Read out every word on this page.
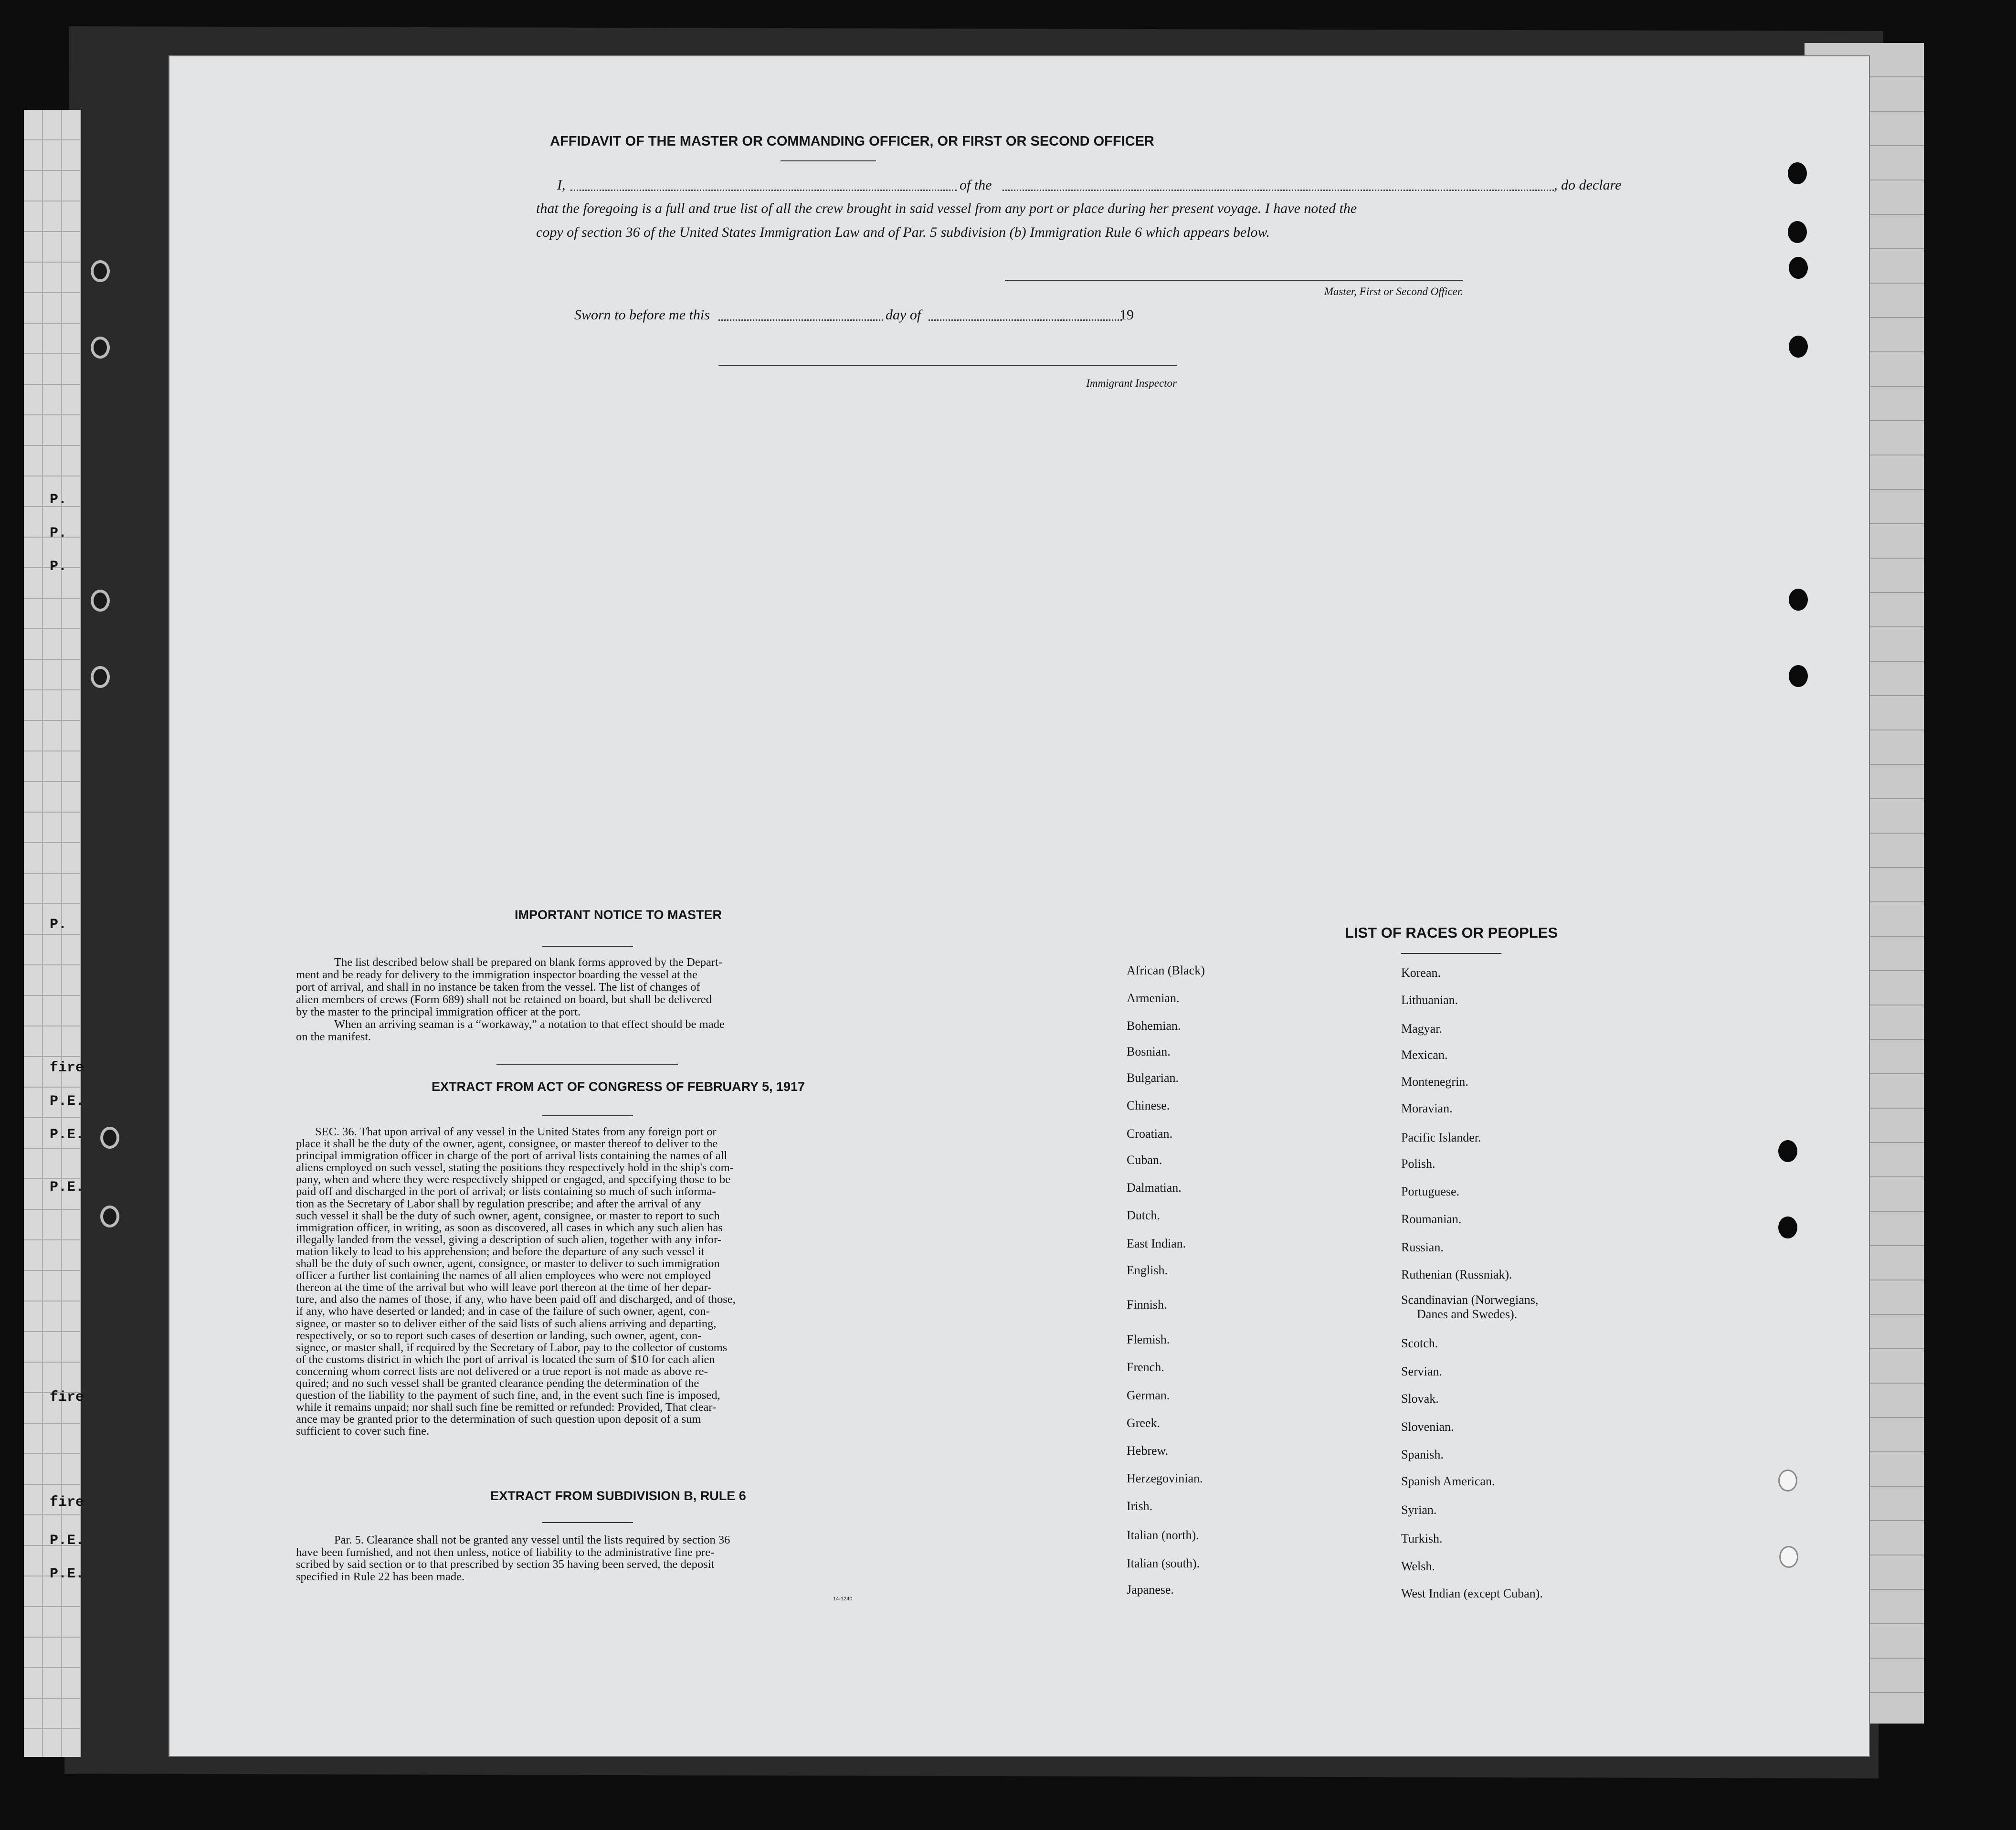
P.
P.
P.
P.
fire
P.E.
P.E.
P.E.
fire
fire
P.E.
P.E.
AFFIDAVIT OF THE MASTER OR COMMANDING OFFICER, OR FIRST OR SECOND OFFICER
I,	of the	, do declare
that the foregoing is a full and true list of all the crew brought in said vessel from any port or place during her present voyage. I have noted the
copy of section 36 of the United States Immigration Law and of Par. 5 subdivision (b) Immigration Rule 6 which appears below.
Master, First or Second Officer.
Sworn to before me this	day of	19
Immigrant Inspector
IMPORTANT NOTICE TO MASTER
The list described below shall be prepared on blank forms approved by the Depart-
ment and be ready for delivery to the immigration inspector boarding the vessel at the
port of arrival, and shall in no instance be taken from the vessel. The list of changes of
alien members of crews (Form 689) shall not be retained on board, but shall be delivered
by the master to the principal immigration officer at the port.
When an arriving seaman is a “workaway,” a notation to that effect should be made
on the manifest.
EXTRACT FROM ACT OF CONGRESS OF FEBRUARY 5, 1917
SEC. 36. That upon arrival of any vessel in the United States from any foreign port or
place it shall be the duty of the owner, agent, consignee, or master thereof to deliver to the
principal immigration officer in charge of the port of arrival lists containing the names of all
aliens employed on such vessel, stating the positions they respectively hold in the ship's com-
pany, when and where they were respectively shipped or engaged, and specifying those to be
paid off and discharged in the port of arrival; or lists containing so much of such informa-
tion as the Secretary of Labor shall by regulation prescribe; and after the arrival of any
such vessel it shall be the duty of such owner, agent, consignee, or master to report to such
immigration officer, in writing, as soon as discovered, all cases in which any such alien has
illegally landed from the vessel, giving a description of such alien, together with any infor-
mation likely to lead to his apprehension; and before the departure of any such vessel it
shall be the duty of such owner, agent, consignee, or master to deliver to such immigration
officer a further list containing the names of all alien employees who were not employed
thereon at the time of the arrival but who will leave port thereon at the time of her depar-
ture, and also the names of those, if any, who have been paid off and discharged, and of those,
if any, who have deserted or landed; and in case of the failure of such owner, agent, con-
signee, or master so to deliver either of the said lists of such aliens arriving and departing,
respectively, or so to report such cases of desertion or landing, such owner, agent, con-
signee, or master shall, if required by the Secretary of Labor, pay to the collector of customs
of the customs district in which the port of arrival is located the sum of $10 for each alien
concerning whom correct lists are not delivered or a true report is not made as above re-
quired; and no such vessel shall be granted clearance pending the determination of the
question of the liability to the payment of such fine, and, in the event such fine is imposed,
while it remains unpaid; nor shall such fine be remitted or refunded: Provided, That clear-
ance may be granted prior to the determination of such question upon deposit of a sum
sufficient to cover such fine.
EXTRACT FROM SUBDIVISION B, RULE 6
Par. 5. Clearance shall not be granted any vessel until the lists required by section 36
have been furnished, and not then unless, notice of liability to the administrative fine pre-
scribed by said section or to that prescribed by section 35 having been served, the deposit
specified in Rule 22 has been made.
14-1240
LIST OF RACES OR PEOPLES
African (Black)
Armenian.
Bohemian.
Bosnian.
Bulgarian.
Chinese.
Croatian.
Cuban.
Dalmatian.
Dutch.
East Indian.
English.
Finnish.
Flemish.
French.
German.
Greek.
Hebrew.
Herzegovinian.
Irish.
Italian (north).
Italian (south).
Japanese.
Korean.
Lithuanian.
Magyar.
Mexican.
Montenegrin.
Moravian.
Pacific Islander.
Polish.
Portuguese.
Roumanian.
Russian.
Ruthenian (Russniak).
Scandinavian (Norwegians,
Danes and Swedes).
Scotch.
Servian.
Slovak.
Slovenian.
Spanish.
Spanish American.
Syrian.
Turkish.
Welsh.
West Indian (except Cuban).
